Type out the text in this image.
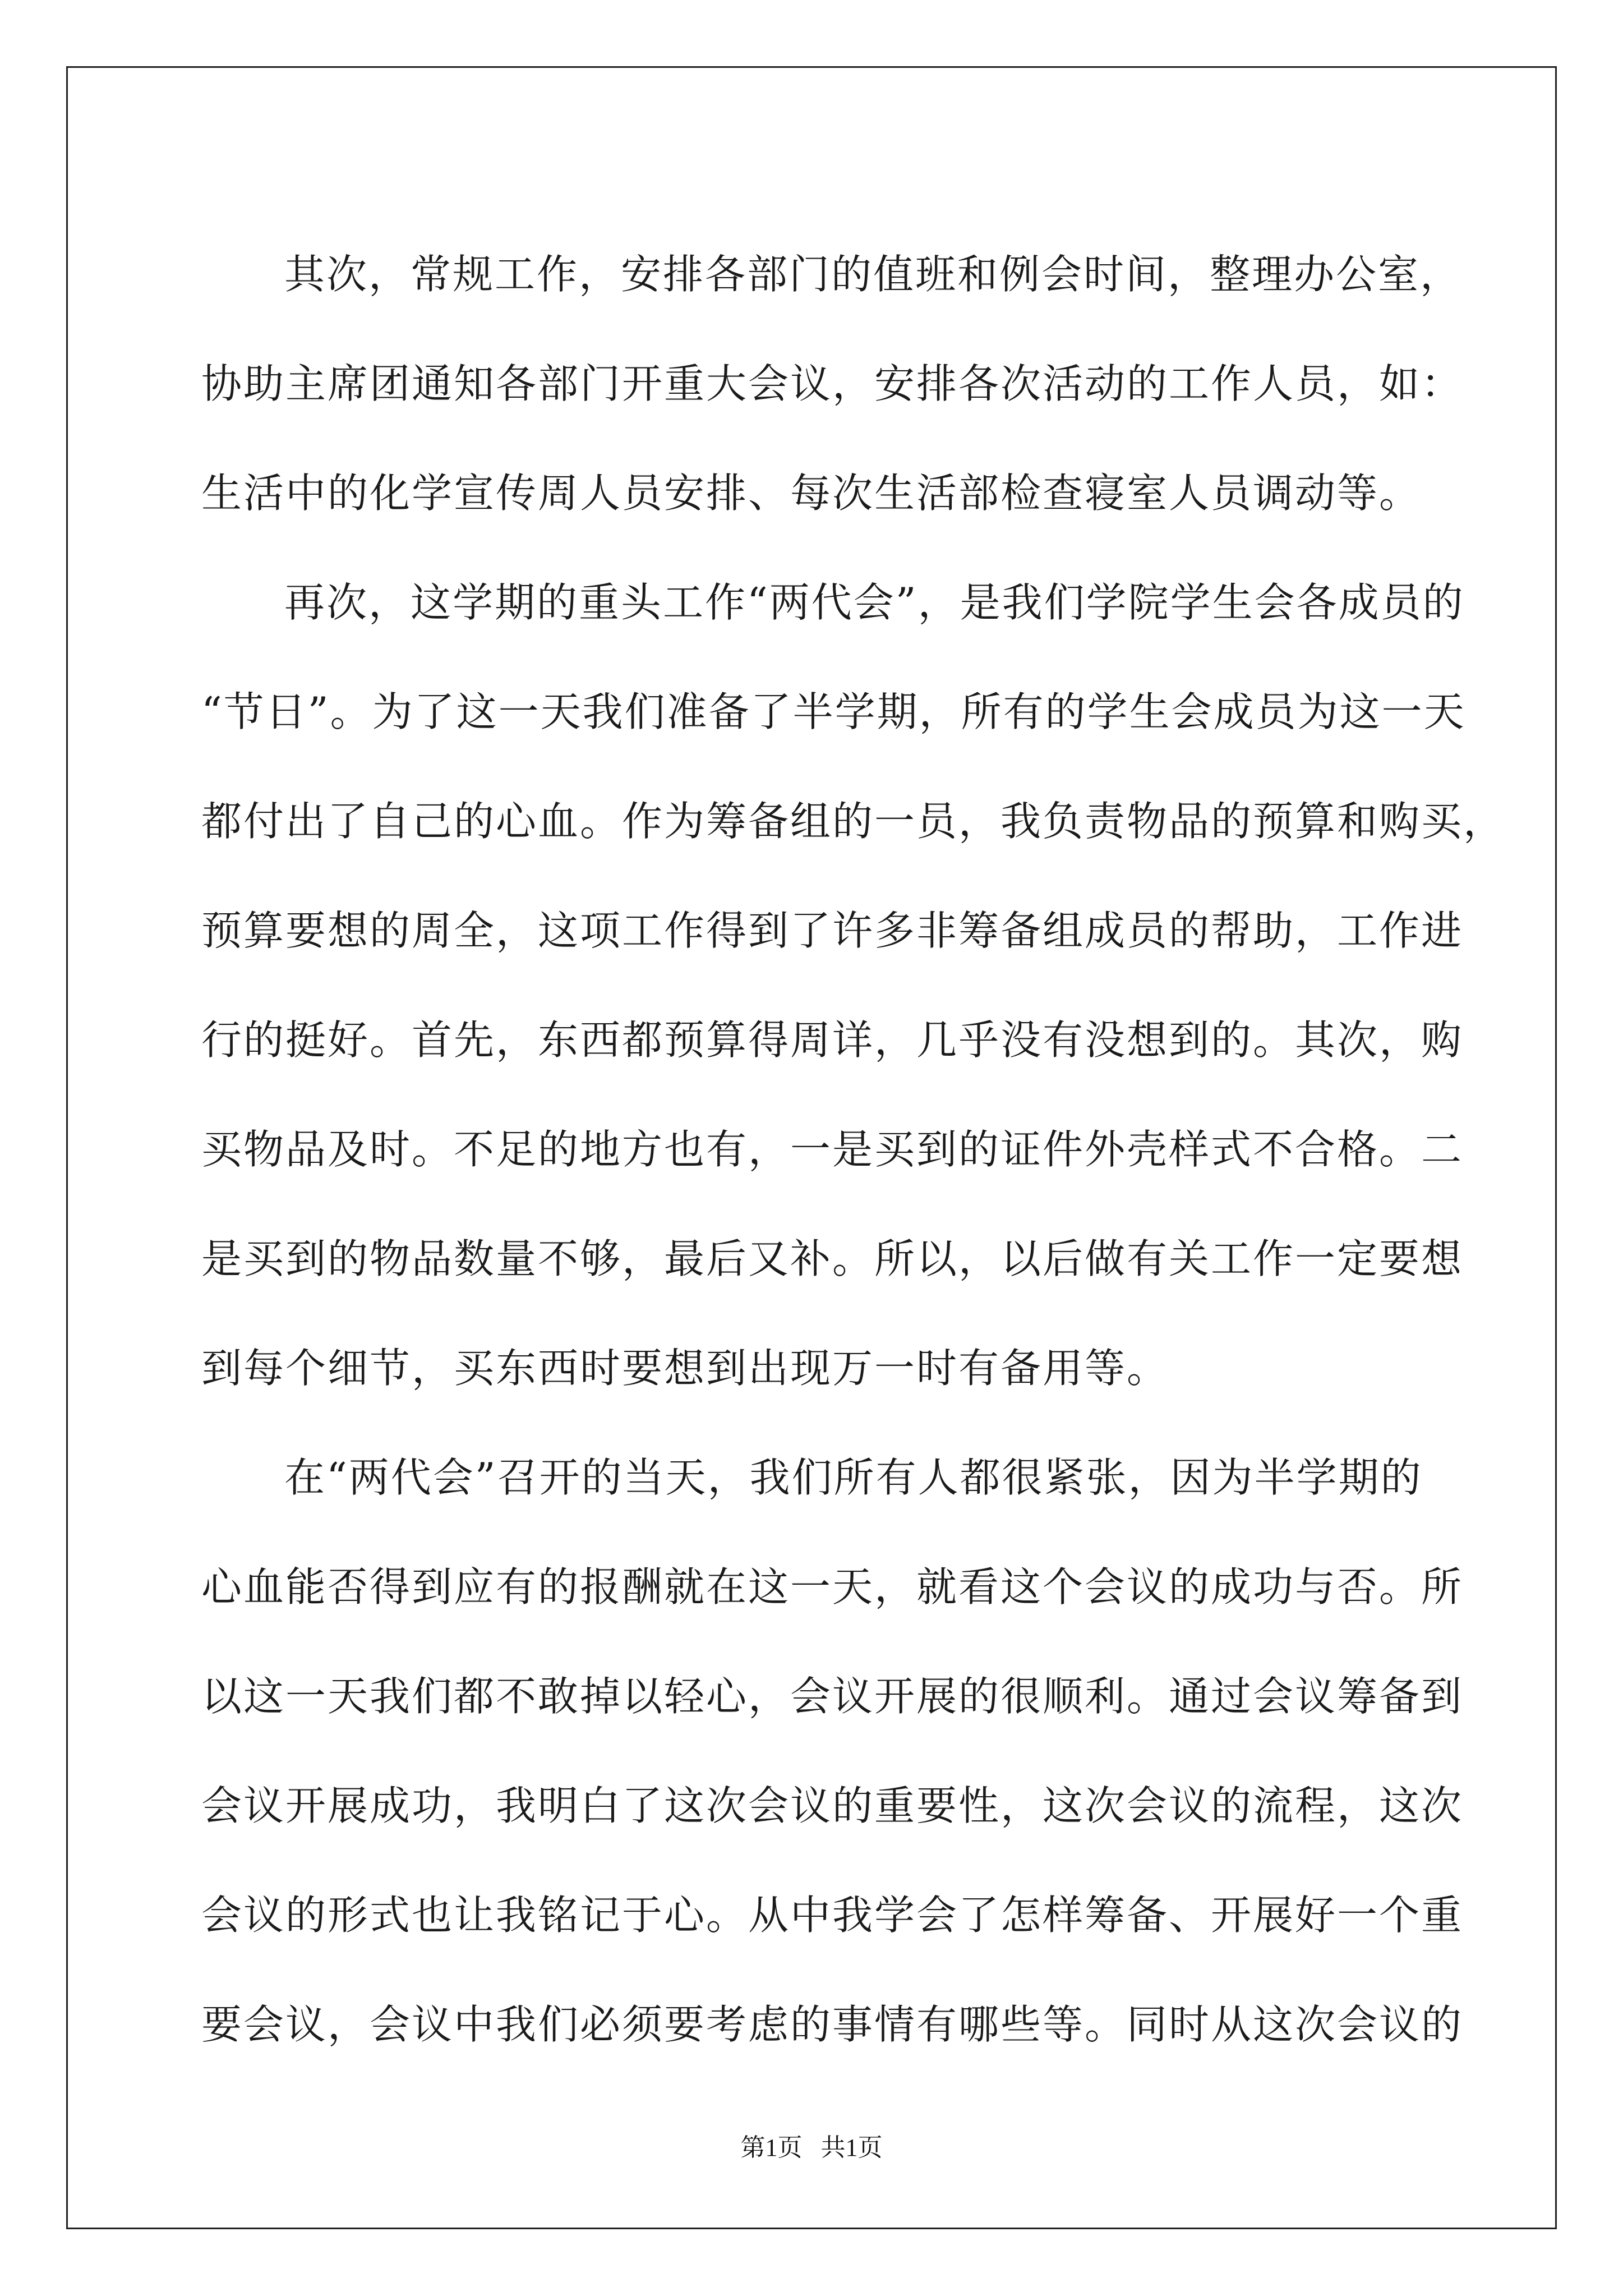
其次，常规工作，安排各部门的值班和例会时间，整理办公室，
协助主席团通知各部门开重大会议，安排各次活动的工作人员，如：
生活中的化学宣传周人员安排、每次生活部检查寝室人员调动等。
再次，这学期的重头工作“两代会”，是我们学院学生会各成员的
“节日”。为了这一天我们准备了半学期，所有的学生会成员为这一天
都付出了自己的心血。作为筹备组的一员，我负责物品的预算和购买，
预算要想的周全，这项工作得到了许多非筹备组成员的帮助，工作进
行的挺好。首先，东西都预算得周详，几乎没有没想到的。其次，购
买物品及时。不足的地方也有，一是买到的证件外壳样式不合格。二
是买到的物品数量不够，最后又补。所以，以后做有关工作一定要想
到每个细节，买东西时要想到出现万一时有备用等。
在“两代会”召开的当天，我们所有人都很紧张，因为半学期的
心血能否得到应有的报酬就在这一天，就看这个会议的成功与否。所
以这一天我们都不敢掉以轻心，会议开展的很顺利。通过会议筹备到
会议开展成功，我明白了这次会议的重要性，这次会议的流程，这次
会议的形式也让我铭记于心。从中我学会了怎样筹备、开展好一个重
要会议，会议中我们必须要考虑的事情有哪些等。同时从这次会议的
第1页 共1页
